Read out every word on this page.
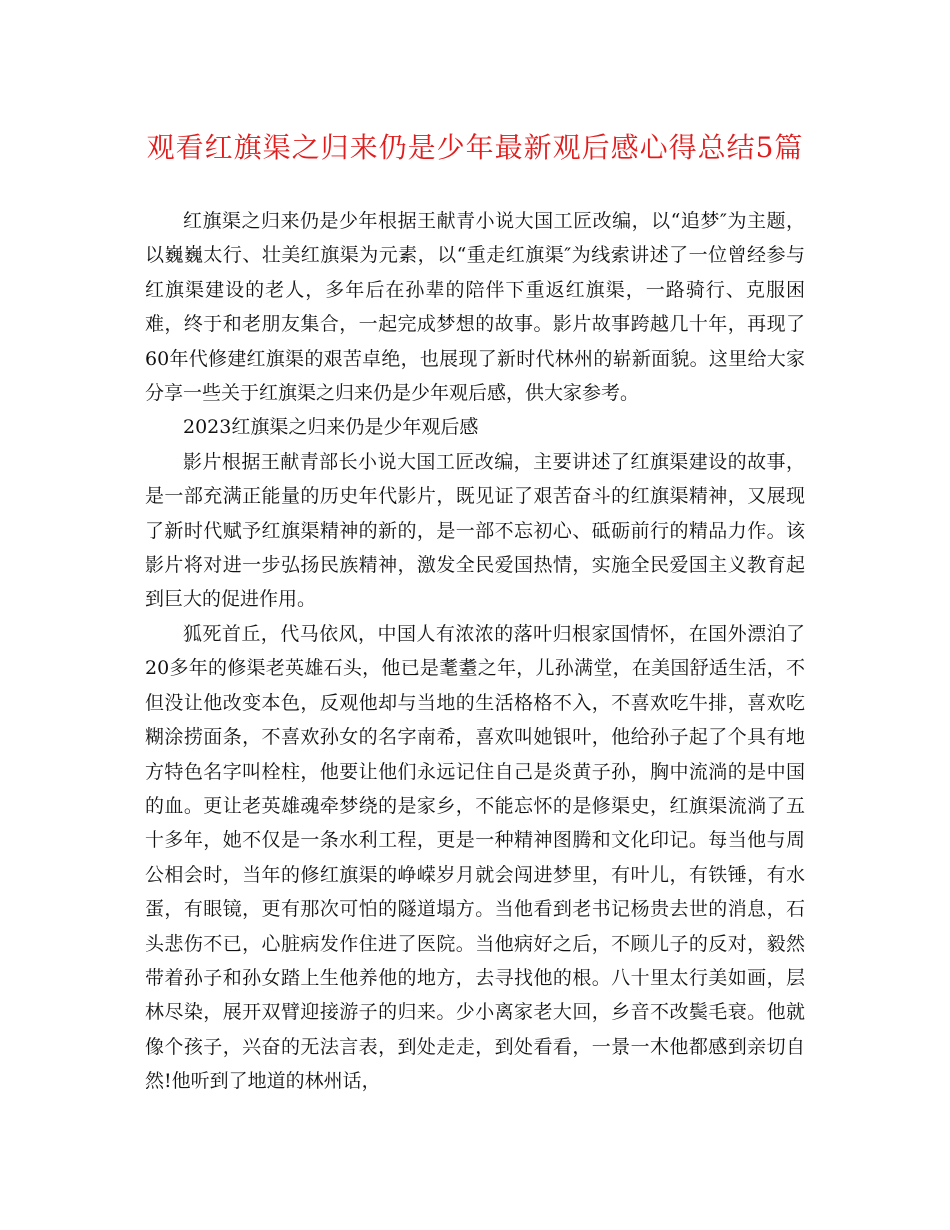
观看红旗渠之归来仍是少年最新观后感心得总结5篇

红旗渠之归来仍是少年根据王献青小说大国工匠改编，以“追梦″为主题，以巍巍太行、壮美红旗渠为元素，以“重走红旗渠″为线索讲述了一位曾经参与红旗渠建设的老人，多年后在孙辈的陪伴下重返红旗渠，一路骑行、克服困难，终于和老朋友集合，一起完成梦想的故事。影片故事跨越几十年，再现了60年代修建红旗渠的艰苦卓绝，也展现了新时代林州的崭新面貌。这里给大家分享一些关于红旗渠之归来仍是少年观后感，供大家参考。

2023红旗渠之归来仍是少年观后感

影片根据王献青部长小说大国工匠改编，主要讲述了红旗渠建设的故事，是一部充满正能量的历史年代影片，既见证了艰苦奋斗的红旗渠精神，又展现了新时代赋予红旗渠精神的新的，是一部不忘初心、砥砺前行的精品力作。该影片将对进一步弘扬民族精神，激发全民爱国热情，实施全民爱国主义教育起到巨大的促进作用。

狐死首丘，代马依风，中国人有浓浓的落叶归根家国情怀，在国外漂泊了20多年的修渠老英雄石头，他已是耄耋之年，儿孙满堂，在美国舒适生活，不但没让他改变本色，反观他却与当地的生活格格不入，不喜欢吃牛排，喜欢吃糊涂捞面条，不喜欢孙女的名字南希，喜欢叫她银叶，他给孙子起了个具有地方特色名字叫栓柱，他要让他们永远记住自己是炎黄子孙，胸中流淌的是中国的血。更让老英雄魂牵梦绕的是家乡，不能忘怀的是修渠史，红旗渠流淌了五十多年，她不仅是一条水利工程，更是一种精神图腾和文化印记。每当他与周公相会时，当年的修红旗渠的峥嵘岁月就会闯进梦里，有叶儿，有铁锤，有水蛋，有眼镜，更有那次可怕的隧道塌方。当他看到老书记杨贵去世的消息，石头悲伤不已，心脏病发作住进了医院。当他病好之后，不顾儿子的反对，毅然带着孙子和孙女踏上生他养他的地方，去寻找他的根。八十里太行美如画，层林尽染，展开双臂迎接游子的归来。少小离家老大回，乡音不改鬓毛衰。他就像个孩子，兴奋的无法言表，到处走走，到处看看，一景一木他都感到亲切自然!他听到了地道的林州话，
